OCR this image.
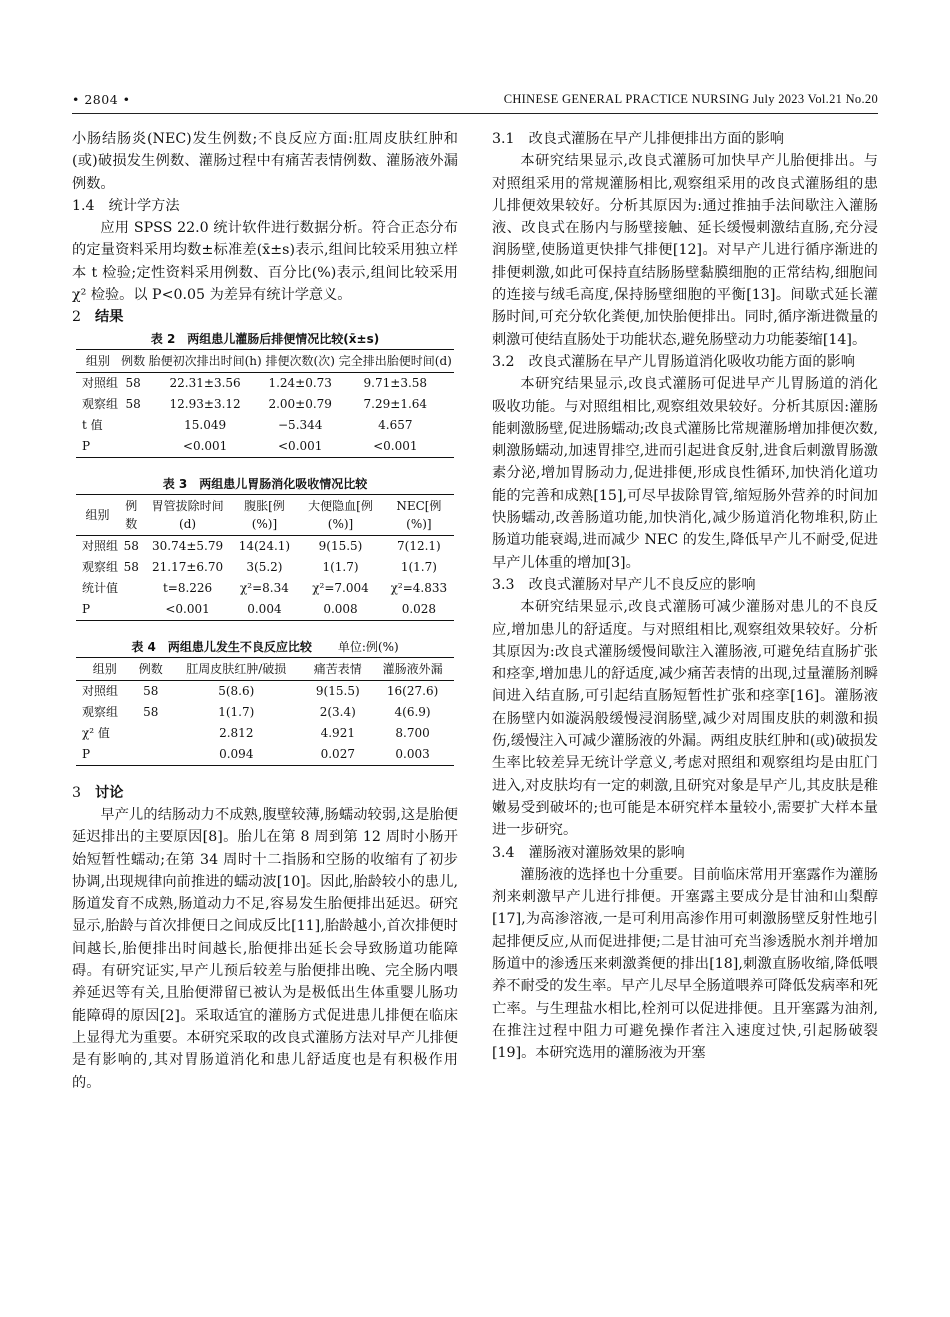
• 2804 •	CHINESE GENERAL PRACTICE NURSING July 2023 Vol.21 No.20

小肠结肠炎(NEC)发生例数;不良反应方面:肛周皮肤红肿和(或)破损发生例数、灌肠过程中有痛苦表情例数、灌肠液外漏例数。

1.4 统计学方法

应用 SPSS 22.0 统计软件进行数据分析。符合正态分布的定量资料采用均数±标准差(x̄±s)表示,组间比较采用独立样本 t 检验;定性资料采用例数、百分比(%)表示,组间比较采用χ² 检验。以 P<0.05 为差异有统计学意义。

2 结果
表 2　两组患儿灌肠后排便情况比较(x̄±s)
组别	例数	胎便初次排出时间(h)	排便次数(次)	完全排出胎便时间(d)
对照组	58	22.31±3.56	1.24±0.73	9.71±3.58
观察组	58	12.93±3.12	2.00±0.79	7.29±1.64
t 值		15.049	−5.344	4.657
P		<0.001	<0.001	<0.001
表 3　两组患儿胃肠消化吸收情况比较
组别	例数	胃管拔除时间(d)	腹胀[例(%)]	大便隐血[例(%)]	NEC[例(%)]
对照组	58	30.74±5.79	14(24.1)	9(15.5)	7(12.1)
观察组	58	21.17±6.70	3(5.2)	1(1.7)	1(1.7)
统计值		t=8.226	χ²=8.34	χ²=7.004	χ²=4.833
P		<0.001	0.004	0.008	0.028
表 4　两组患儿发生不良反应比较 单位:例(%)
组别	例数	肛周皮肤红肿/破损	痛苦表情	灌肠液外漏
对照组	58	5(8.6)	9(15.5)	16(27.6)
观察组	58	1(1.7)	2(3.4)	4(6.9)
χ² 值		2.812	4.921	8.700
P		0.094	0.027	0.003
3 讨论

早产儿的结肠动力不成熟,腹壁较薄,肠蠕动较弱,这是胎便延迟排出的主要原因[8]。胎儿在第 8 周到第 12 周时小肠开始短暂性蠕动;在第 34 周时十二指肠和空肠的收缩有了初步协调,出现规律向前推进的蠕动波[10]。因此,胎龄较小的患儿,肠道发育不成熟,肠道动力不足,容易发生胎便排出延迟。研究显示,胎龄与首次排便日之间成反比[11],胎龄越小,首次排便时间越长,胎便排出时间越长,胎便排出延长会导致肠道功能障碍。有研究证实,早产儿预后较差与胎便排出晚、完全肠内喂养延迟等有关,且胎便滞留已被认为是极低出生体重婴儿肠功能障碍的原因[2]。采取适宜的灌肠方式促进患儿排便在临床上显得尤为重要。本研究采取的改良式灌肠方法对早产儿排便是有影响的,其对胃肠道消化和患儿舒适度也是有积极作用的。

3.1 改良式灌肠在早产儿排便排出方面的影响

本研究结果显示,改良式灌肠可加快早产儿胎便排出。与对照组采用的常规灌肠相比,观察组采用的改良式灌肠组的患儿排便效果较好。分析其原因为:通过推抽手法间歇注入灌肠液、改良式在肠内与肠壁接触、延长缓慢刺激结直肠,充分浸润肠壁,使肠道更快排气排便[12]。对早产儿进行循序渐进的排便刺激,如此可保持直结肠肠壁黏膜细胞的正常结构,细胞间的连接与绒毛高度,保持肠壁细胞的平衡[13]。间歇式延长灌肠时间,可充分软化粪便,加快胎便排出。同时,循序渐进微量的刺激可使结直肠处于功能状态,避免肠壁动力功能萎缩[14]。

3.2 改良式灌肠在早产儿胃肠道消化吸收功能方面的影响

本研究结果显示,改良式灌肠可促进早产儿胃肠道的消化吸收功能。与对照组相比,观察组效果较好。分析其原因:灌肠能刺激肠壁,促进肠蠕动;改良式灌肠比常规灌肠增加排便次数,刺激肠蠕动,加速胃排空,进而引起进食反射,进食后刺激胃肠激素分泌,增加胃肠动力,促进排便,形成良性循环,加快消化道功能的完善和成熟[15],可尽早拔除胃管,缩短肠外营养的时间加快肠蠕动,改善肠道功能,加快消化,减少肠道消化物堆积,防止肠道功能衰竭,进而减少 NEC 的发生,降低早产儿不耐受,促进早产儿体重的增加[3]。

3.3 改良式灌肠对早产儿不良反应的影响

本研究结果显示,改良式灌肠可减少灌肠对患儿的不良反应,增加患儿的舒适度。与对照组相比,观察组效果较好。分析其原因为:改良式灌肠缓慢间歇注入灌肠液,可避免结直肠扩张和痉挛,增加患儿的舒适度,减少痛苦表情的出现,过量灌肠剂瞬间进入结直肠,可引起结直肠短暂性扩张和痉挛[16]。灌肠液在肠壁内如漩涡般缓慢浸润肠壁,减少对周围皮肤的刺激和损伤,缓慢注入可减少灌肠液的外漏。两组皮肤红肿和(或)破损发生率比较差异无统计学意义,考虑对照组和观察组均是由肛门进入,对皮肤均有一定的刺激,且研究对象是早产儿,其皮肤是稚嫩易受到破坏的;也可能是本研究样本量较小,需要扩大样本量进一步研究。

3.4 灌肠液对灌肠效果的影响

灌肠液的选择也十分重要。目前临床常用开塞露作为灌肠剂来刺激早产儿进行排便。开塞露主要成分是甘油和山梨醇[17],为高渗溶液,一是可利用高渗作用可刺激肠壁反射性地引起排便反应,从而促进排便;二是甘油可充当渗透脱水剂并增加肠道中的渗透压来刺激粪便的排出[18],刺激直肠收缩,降低喂养不耐受的发生率。早产儿尽早全肠道喂养可降低发病率和死亡率。与生理盐水相比,栓剂可以促进排便。且开塞露为油剂,在推注过程中阻力可避免操作者注入速度过快,引起肠破裂[19]。本研究选用的灌肠液为开塞
